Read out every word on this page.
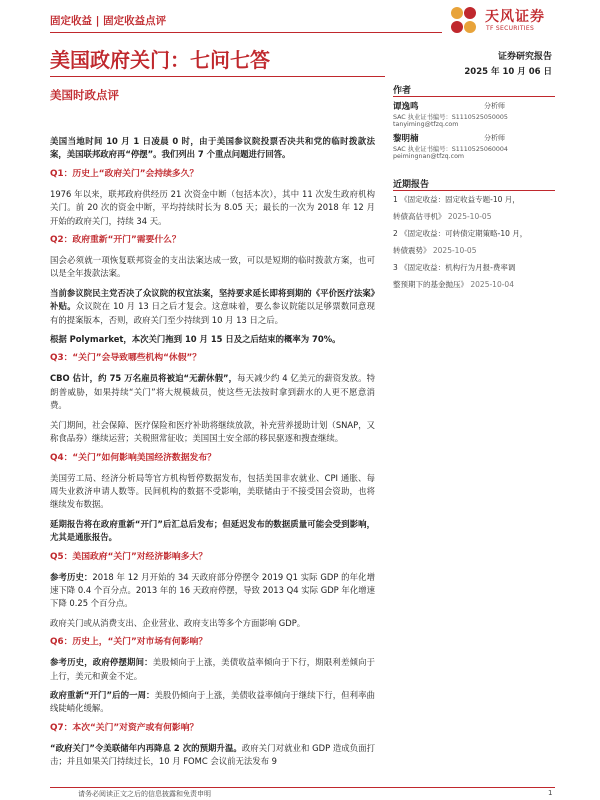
固定收益 | 固定收益点评	天风证券
TF SECURITIES
美国政府关门：七问七答
美国时政点评
证券研究报告
2025 年 10 月 06 日
作者
谭逸鸣	分析师
SAC 执业证书编号：S1110525050005
tanyiming@tfzq.com
黎明楠	分析师
SAC 执业证书编号：S1110525060004
peimingnan@tfzq.com
近期报告
1 《固定收益：固定收益专题-10 月，
转债高估寻机》 2025-10-05
2 《固定收益：可转债定期策略-10 月，
转债震势》 2025-10-05
3 《固定收益：机构行为月报-费率调
整预期下的基金抛压》 2025-10-04

美国当地时间 10 月 1 日凌晨 0 时，由于美国参议院投票否决共和党的临时拨款法案，美国联邦政府再“停摆”。我们列出 7 个重点问题进行回答。

Q1：历史上“政府关门”会持续多久？

1976 年以来，联邦政府供经历 21 次资金中断（包括本次），其中 11 次发生政府机构关门。前 20 次的资金中断，平均持续时长为 8.05 天；最长的一次为 2018 年 12 月开始的政府关门，持续 34 天。

Q2：政府重新“开门”需要什么？

国会必须就一项恢复联邦资金的支出法案达成一致，可以是短期的临时拨款方案，也可以是全年拨款法案。

当前参议院民主党否决了众议院的权宜法案，坚持要求延长即将到期的《平价医疗法案》补贴。众议院在 10 月 13 日之后才复会。这意味着，要么参议院能以足够票数同意现有的提案版本，否则，政府关门至少持续到 10 月 13 日之后。

根据 Polymarket，本次关门拖到 10 月 15 日及之后结束的概率为 70%。

Q3：“关门”会导致哪些机构“休假”？

CBO 估计，约 75 万名雇员将被迫“无薪休假”，每天减少约 4 亿美元的薪资发放。特朗普威胁，如果持续“关门”将大规模裁员，使这些无法按时拿到薪水的人更不愿意消费。

关门期间，社会保障、医疗保险和医疗补助将继续放款，补充营养援助计划（SNAP，又称食品券）继续运营；关税照常征收；美国国土安全部的移民驱逐和搜查继续。

Q4：“关门”如何影响美国经济数据发布？

美国劳工局、经济分析局等官方机构暂停数据发布，包括美国非农就业、CPI 通胀、每周失业救济申请人数等。民间机构的数据不受影响，美联储由于不接受国会资助，也将继续发布数据。

延期报告将在政府重新“开门”后汇总后发布；但延迟发布的数据质量可能会受到影响，尤其是通胀报告。

Q5：美国政府“关门”对经济影响多大？

参考历史：2018 年 12 月开始的 34 天政府部分停摆令 2019 Q1 实际 GDP 的年化增速下降 0.4 个百分点。2013 年的 16 天政府停摆，导致 2013 Q4 实际 GDP 年化增速下降 0.25 个百分点。

政府关门或从消费支出、企业营业、政府支出等多个方面影响 GDP。

Q6：历史上，“关门”对市场有何影响？

参考历史，政府停摆期间：美股倾向于上涨，美债收益率倾向于下行，期限利差倾向于上行，美元和黄金不定。

政府重新“开门”后的一周：美股仍倾向于上涨，美债收益率倾向于继续下行，但利率曲线陡峭化缓解。

Q7：本次“关门”对资产或有何影响？

“政府关门”令美联储年内再降息 2 次的预期升温。政府关门对就业和 GDP 造成负面打击；并且如果关门持续过长，10 月 FOMC 会议前无法发布 9

请务必阅读正文之后的信息披露和免责申明	1
